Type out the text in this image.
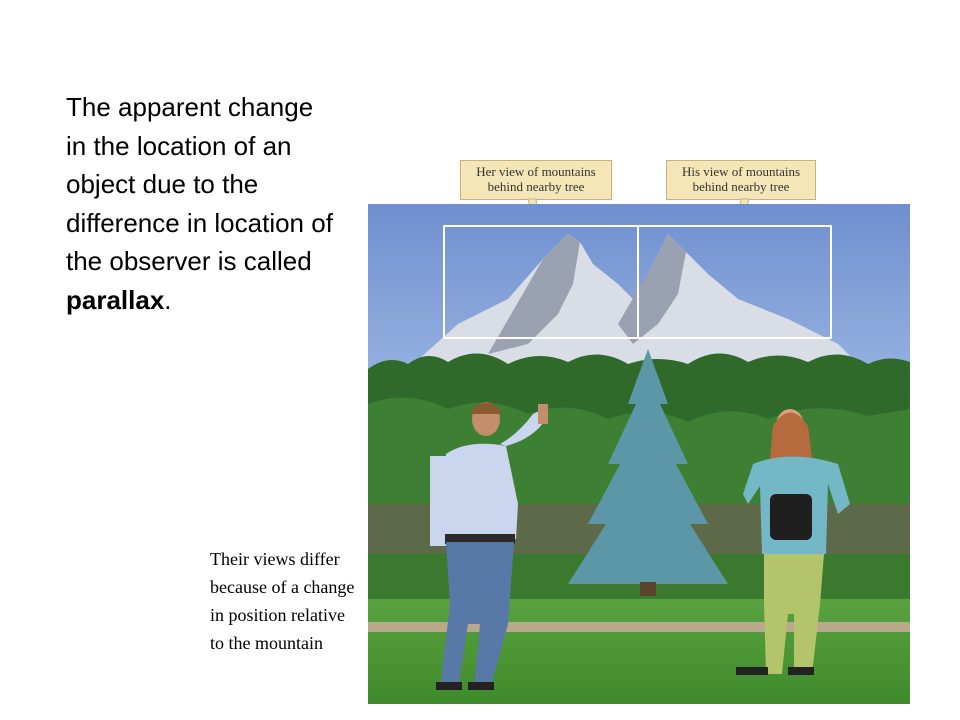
The apparent change in the location of an object due to the difference in location of the observer is called parallax.
Their views differ because of a change in position relative to the mountain
Her view of mountains behind nearby tree
His view of mountains behind nearby tree
